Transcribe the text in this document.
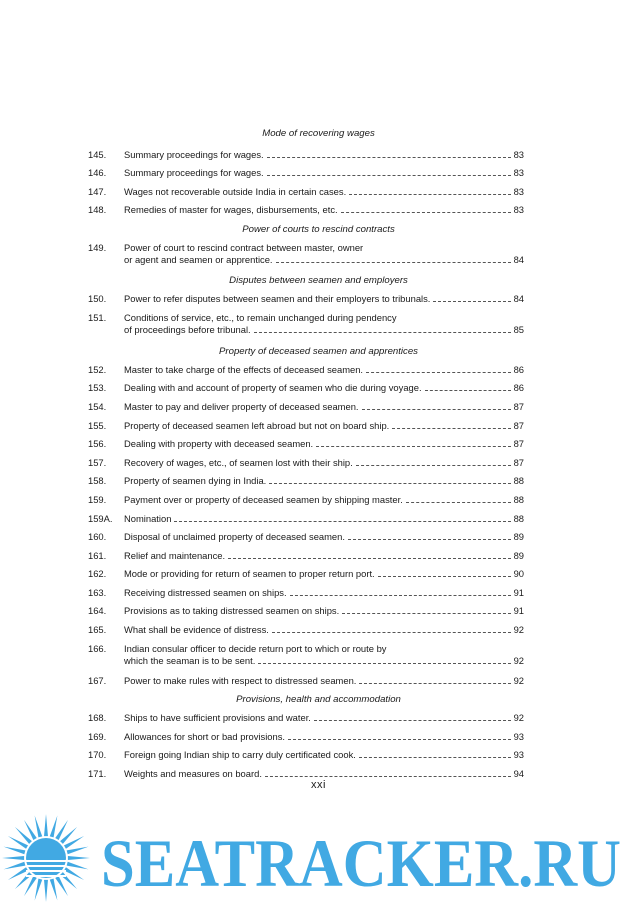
Mode of recovering wages
145. Summary proceedings for wages.	83
146. Summary proceedings for wages.	83
147. Wages not recoverable outside India in certain cases.	83
148. Remedies of master for wages, disbursements, etc.	83
Power of courts to rescind contracts
149. Power of court to rescind contract between master, owner
or agent and seamen or apprentice.	84
Disputes between seamen and employers
150. Power to refer disputes between seamen and their employers to tribunals.	84
151. Conditions of service, etc., to remain unchanged during pendency
of proceedings before tribunal.	85
Property of deceased seamen and apprentices
152. Master to take charge of the effects of deceased seamen.	86
153. Dealing with and account of property of seamen who die during voyage.	86
154. Master to pay and deliver property of deceased seamen.	87
155. Property of deceased seamen left abroad but not on board ship.	87
156. Dealing with property with deceased seamen.	87
157. Recovery of wages, etc., of seamen lost with their ship.	87
158. Property of seamen dying in India.	88
159. Payment over or property of deceased seamen by shipping master.	88
159A. Nomination	88
160. Disposal of unclaimed property of deceased seamen.	89
161. Relief and maintenance.	89
162. Mode or providing for return of seamen to proper return port.	90
163. Receiving distressed seamen on ships.	91
164. Provisions as to taking distressed seamen on ships.	91
165. What shall be evidence of distress.	92
166. Indian consular officer to decide return port to which or route by
which the seaman is to be sent.	92
167. Power to make rules with respect to distressed seamen.	92
Provisions, health and accommodation
168. Ships to have sufficient provisions and water.	92
169. Allowances for short or bad provisions.	93
170. Foreign going Indian ship to carry duly certificated cook.	93
171. Weights and measures on board.	94
xxi
SEATRACKER.RU
